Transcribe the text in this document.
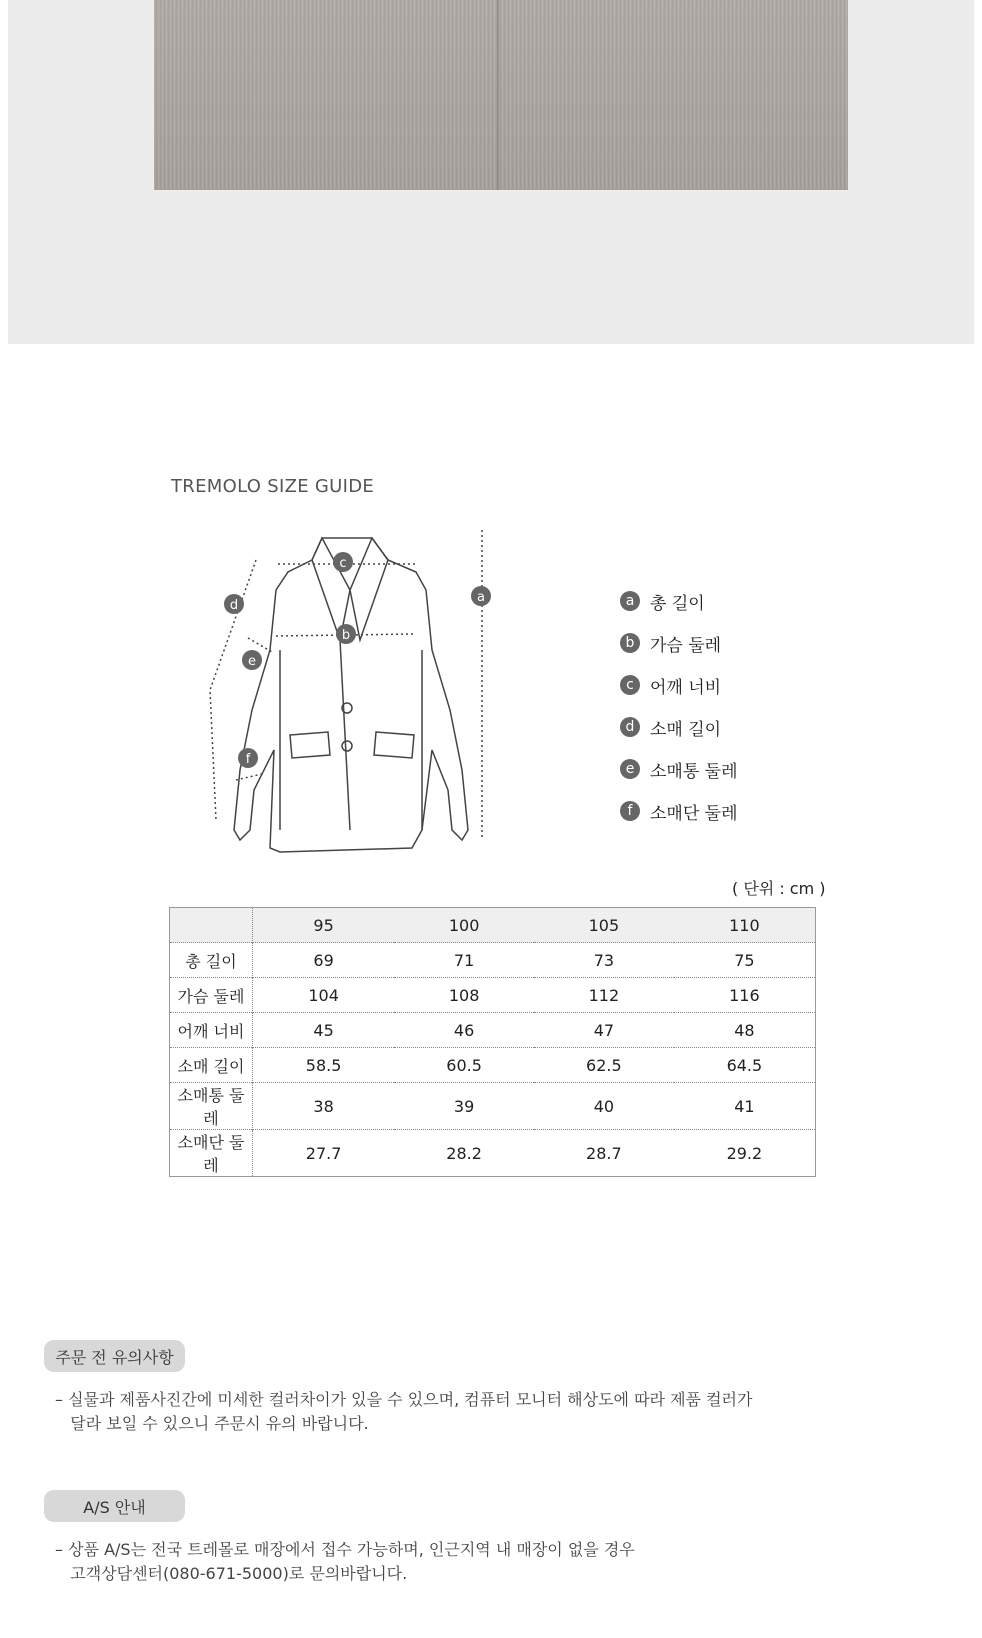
TREMOLO SIZE GUIDE
a
b
c
d
e
f
a 총 길이
b 가슴 둘레
c 어깨 너비
d 소매 길이
e 소매통 둘레
f	소매단 둘레
( 단위 : cm )
	95	100	105	110
총 길이	69	71	73	75
가슴 둘레	104	108	112	116
어깨 너비	45	46	47	48
소매 길이	58.5	60.5	62.5	64.5
소매통 둘레	38	39	40	41
소매단 둘레	27.7	28.2	28.7	29.2
주문 전 유의사항
– 실물과 제품사진간에 미세한 컬러차이가 있을 수 있으며, 컴퓨터 모니터 해상도에 따라 제품 컬러가
달라 보일 수 있으니 주문시 유의 바랍니다.
A/S 안내
– 상품 A/S는 전국 트레몰로 매장에서 접수 가능하며, 인근지역 내 매장이 없을 경우
고객상담센터(080-671-5000)로 문의바랍니다.
